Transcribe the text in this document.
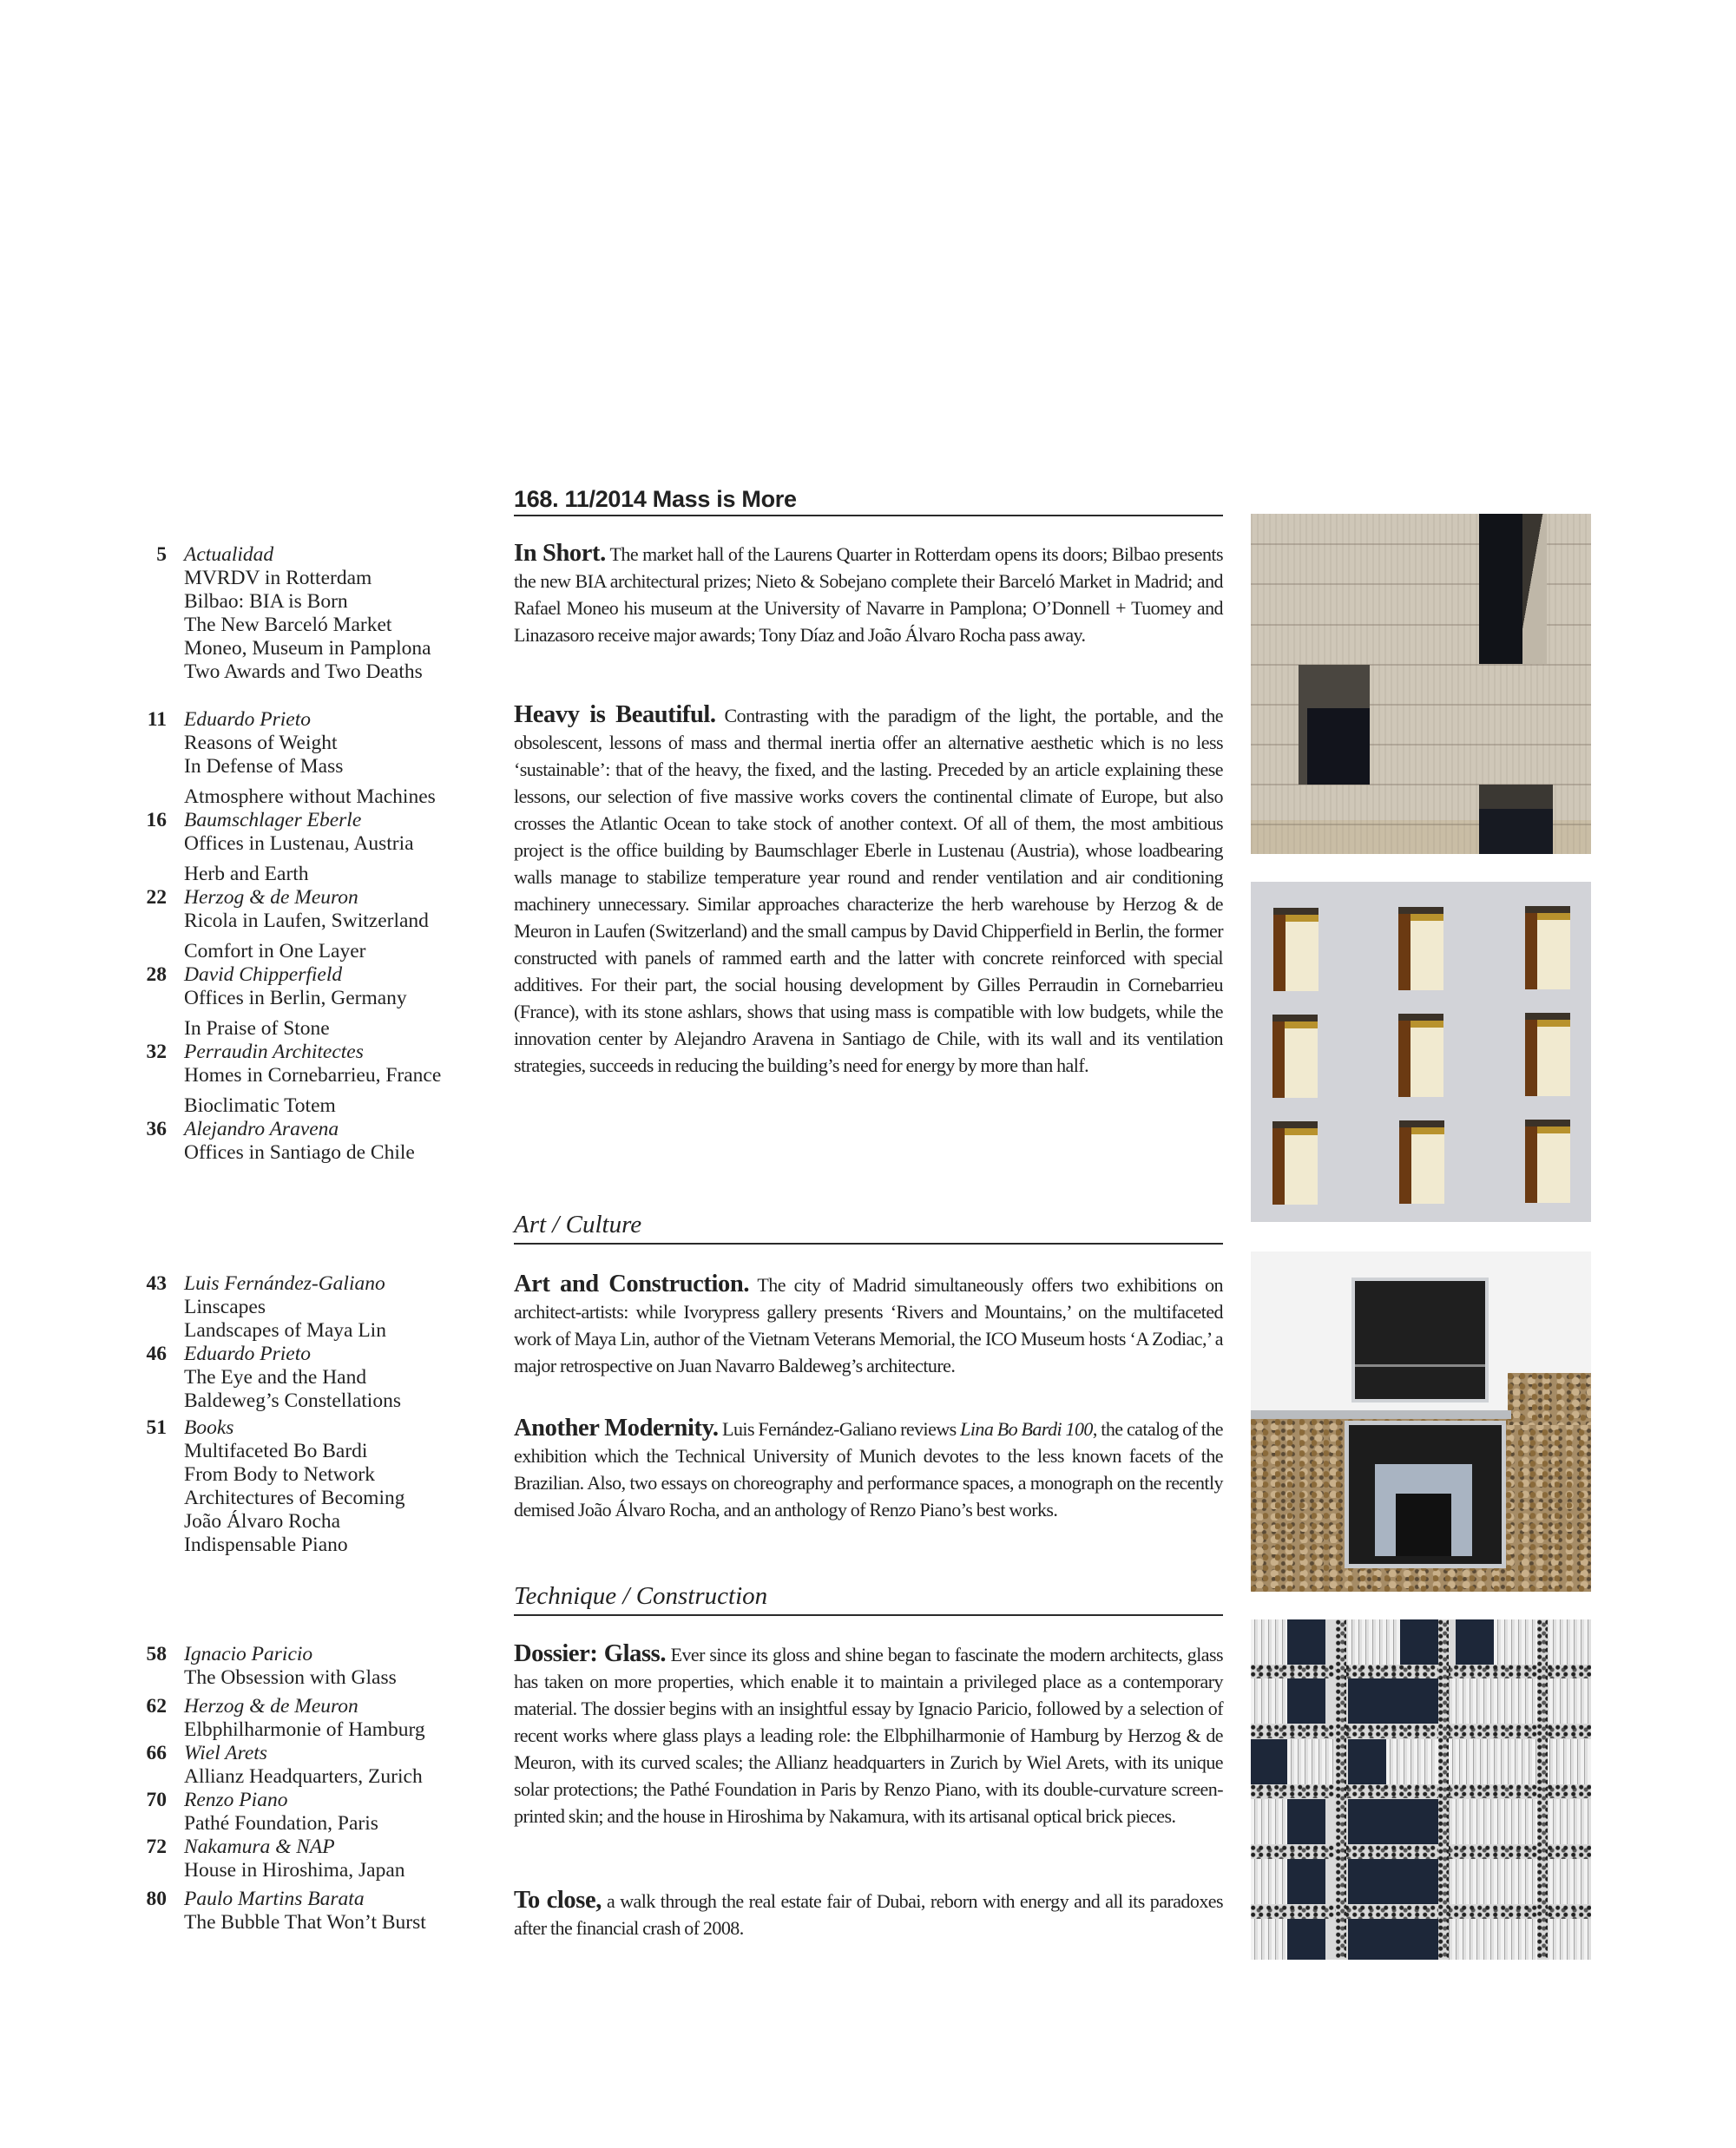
5 Actualidad
MVRDV in Rotterdam
Bilbao: BIA is Born
The New Barceló Market
Moneo, Museum in Pamplona
Two Awards and Two Deaths
11 Eduardo Prieto
Reasons of Weight
In Defense of Mass
Atmosphere without Machines
16 Baumschlager Eberle
Offices in Lustenau, Austria
Herb and Earth
22 Herzog & de Meuron
Ricola in Laufen, Switzerland
Comfort in One Layer
28 David Chipperfield
Offices in Berlin, Germany
In Praise of Stone
32 Perraudin Architectes
Homes in Cornebarrieu, France
Bioclimatic Totem
36 Alejandro Aravena
Offices in Santiago de Chile
43 Luis Fernández-Galiano
Linscapes
Landscapes of Maya Lin
46 Eduardo Prieto
The Eye and the Hand
Baldeweg’s Constellations
51 Books
Multifaceted Bo Bardi
From Body to Network
Architectures of Becoming
João Álvaro Rocha
Indispensable Piano
58 Ignacio Paricio
The Obsession with Glass
62 Herzog & de Meuron
Elbphilharmonie of Hamburg
66 Wiel Arets
Allianz Headquarters, Zurich
70 Renzo Piano
Pathé Foundation, Paris
72 Nakamura & NAP
House in Hiroshima, Japan
80 Paulo Martins Barata
The Bubble That Won’t Burst
168. 11/2014 Mass is More
In Short. The market hall of the Laurens Quarter in Rotterdam opens its doors; Bilbao presents the new BIA architectural prizes; Nieto & Sobejano complete their Barceló Market in Madrid; and Rafael Moneo his museum at the University of Navarre in Pamplona; O’Donnell + Tuomey and Linazasoro receive major awards; Tony Díaz and João Álvaro Rocha pass away.
Heavy is Beautiful. Contrasting with the paradigm of the light, the portable, and the obsolescent, lessons of mass and thermal inertia offer an alternative aesthetic which is no less ‘sustainable’: that of the heavy, the fixed, and the lasting. Preceded by an article explaining these lessons, our selection of five massive works covers the continental climate of Europe, but also crosses the Atlantic Ocean to take stock of another context. Of all of them, the most ambitious project is the office building by Baumschlager Eberle in Lustenau (Austria), whose loadbearing walls manage to stabilize temperature year round and render ventilation and air conditioning machinery unnecessary. Similar approaches characterize the herb warehouse by Herzog & de Meuron in Laufen (Switzerland) and the small campus by David Chipperfield in Berlin, the former constructed with panels of rammed earth and the latter with concrete reinforced with special additives. For their part, the social housing development by Gilles Perraudin in Cornebarrieu (France), with its stone ashlars, shows that using mass is compatible with low budgets, while the innovation center by Alejandro Aravena in Santiago de Chile, with its wall and its ventilation strategies, succeeds in reducing the building’s need for energy by more than half.
Art / Culture
Art and Construction. The city of Madrid simultaneously offers two exhibitions on architect-artists: while Ivorypress gallery presents ‘Rivers and Mountains,’ on the multifaceted work of Maya Lin, author of the Vietnam Veterans Memorial, the ICO Museum hosts ‘A Zodiac,’ a major retrospective on Juan Navarro Baldeweg’s architecture.
Another Modernity. Luis Fernández-Galiano reviews Lina Bo Bardi 100, the catalog of the exhibition which the Technical University of Munich devotes to the less known facets of the Brazilian. Also, two essays on choreography and performance spaces, a monograph on the recently demised João Álvaro Rocha, and an anthology of Renzo Piano’s best works.
Technique / Construction
Dossier: Glass. Ever since its gloss and shine began to fascinate the modern architects, glass has taken on more properties, which enable it to maintain a privileged place as a contemporary material. The dossier begins with an insightful essay by Ignacio Paricio, followed by a selection of recent works where glass plays a leading role: the Elbphilharmonie of Hamburg by Herzog & de Meuron, with its curved scales; the Allianz headquarters in Zurich by Wiel Arets, with its unique solar protections; the Pathé Foundation in Paris by Renzo Piano, with its double-curvature screen-printed skin; and the house in Hiroshima by Nakamura, with its artisanal optical brick pieces.
To close, a walk through the real estate fair of Dubai, reborn with energy and all its paradoxes after the financial crash of 2008.
